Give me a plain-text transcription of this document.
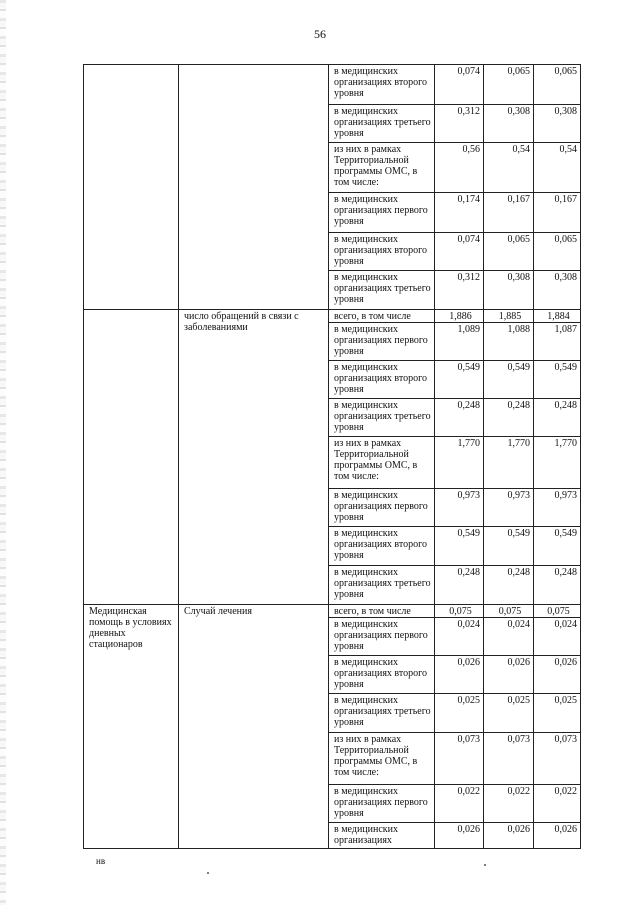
56
		в медицинских организациях второго уровня	0,074	0,065	0,065
		в медицинских организациях третьего уровня	0,312	0,308	0,308
		из них в рамках Территориальной программы ОМС, в том числе:	0,56	0,54	0,54
		в медицинских организациях первого уровня	0,174	0,167	0,167
		в медицинских организациях второго уровня	0,074	0,065	0,065
		в медицинских организациях третьего уровня	0,312	0,308	0,308
	число обращений в связи с заболеваниями	всего, в том числе	1,886	1,885	1,884
		в медицинских организациях первого уровня	1,089	1,088	1,087
		в медицинских организациях второго уровня	0,549	0,549	0,549
		в медицинских организациях третьего уровня	0,248	0,248	0,248
		из них в рамках Территориальной программы ОМС, в том числе:	1,770	1,770	1,770
		в медицинских организациях первого уровня	0,973	0,973	0,973
		в медицинских организациях второго уровня	0,549	0,549	0,549
		в медицинских организациях третьего уровня	0,248	0,248	0,248
Медицинская помощь в условиях дневных стационаров	Случай лечения	всего, в том числе	0,075	0,075	0,075
		в медицинских организациях первого уровня	0,024	0,024	0,024
		в медицинских организациях второго уровня	0,026	0,026	0,026
		в медицинских организациях третьего уровня	0,025	0,025	0,025
		из них в рамках Территориальной программы ОМС, в том числе:	0,073	0,073	0,073
		в медицинских организациях первого уровня	0,022	0,022	0,022
		в медицинских организациях	0,026	0,026	0,026
нв
